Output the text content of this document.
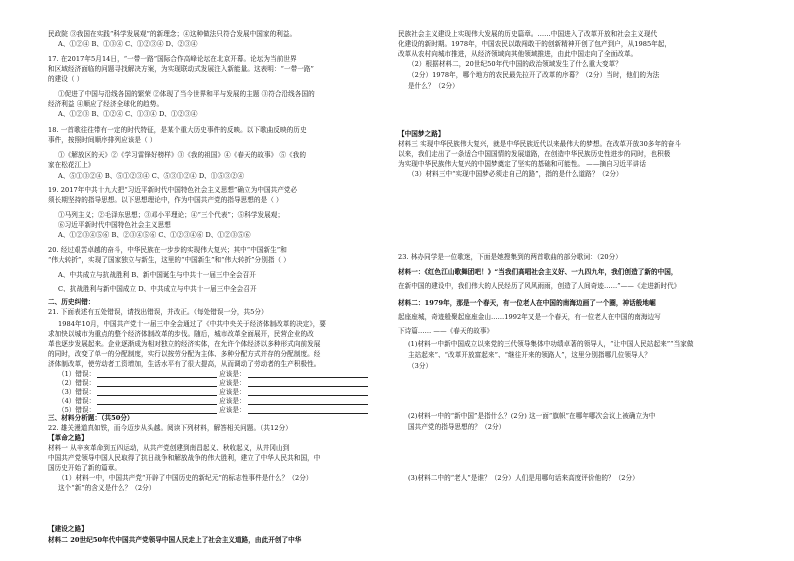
民政院 ③我国在实践“科学发展观”的新理念；④这种做法只符合发展中国家的利益。
A、①②④ B、①③④ C、①②③④ D、②③④
17. 在2017年5月14日，“一带一路”国际合作高峰论坛在北京开幕。论坛为当前世界
和区域经济面临的问题寻找解决方案，为实现联动式发展注入新能量。这表明：“一带一路”
的建设（ ）
①促进了中国与沿线各国的繁荣 ②体现了当今世界和平与发展的主题 ③符合沿线各国的
经济利益 ④顺应了经济全球化的趋势。
A、①②③ B、①②④ C、①③④ D、①②③④
18. 一首歌往往带有一定的时代特征，是某个重大历史事件的反映。以下歌曲反映的历史
事件，按照时间顺序排列应该是（ ）
①《解放区的天》②《学习雷锋好榜样》③《我的祖国》④《春天的故事》 ⑤《我的
家在松花江上》
A、⑤①③②④ B、⑤①②③④ C、⑤③①②④ D、①⑤③②④
19. 2017年中共十九大把“习近平新时代中国特色社会主义思想”确立为中国共产党必
须长期坚持的指导思想。以下思想理论中，作为中国共产党的指导思想的是（ ）
①马列主义；②毛泽东思想；③邓小平理论；④“三个代表”；⑤科学发展观；
⑥习近平新时代中国特色社会主义思想
A、①②③④⑤⑥ B、②③④⑤⑥ C、①②③④⑥ D、①②③⑤⑥
20. 经过艰苦卓越的奋斗，中华民族在一步步的实现伟大复兴；其中“中国新生”和
“伟大转折”，实现了国家独立与新生，这里的“中国新生”和“伟大转折”分别指（ ）
A、中共成立与抗战胜利 B、新中国诞生与中共十一届三中全会召开
C、抗战胜利与新中国成立 D、中共成立与中共十一届三中全会召开
二、历史纠错：
21. 下面表述有五处错误，请找出错误，并改正。（每处错误一分，共5分）
1984年10月，中国共产党十一届三中全会通过了《中共中央关于经济体制改革的决定》，要
求加快以城市为重点的整个经济体制改革的步伐。随后，城市改革全面展开，民营企业的改
革也逐步发展起来。企业逐渐成为相对独立的经济实体，在允许个体经济以多种形式向前发展
的同时，改变了单一的分配制度，实行以按劳分配为主体、多种分配方式并存的分配制度。经
济体制改革，使劳动者工资增加，生活水平有了很大提高，从而调动了劳动者的生产积极性。
三、材料分析题：（共50分）
22. 雄关漫道真如铁，而今迈步从头越。阅读下列材料，解答相关问题。（共12分）
【革命之路】
材料一 从辛亥革命到五四运动，从共产党创建到南昌起义、秋收起义，从井冈山到
中国共产党领导中国人民取得了抗日战争和解放战争的伟大胜利，建立了中华人民共和国，中
国历史开始了新的篇章。
（1）材料一中，中国共产党“开辟了中国历史的新纪元”的标志性事件是什么？（2分）
这个“新”的含义是什么？（2分）
【建设之路】
材料二 20世纪50年代中国共产党领导中国人民走上了社会主义道路，由此开创了中华
（1）错误：	应该是：
（2）错误：	应该是：
（3）错误：	应该是：
（4）错误：	应该是：
（5）错误：	应该是：
民族社会主义建设上实现伟大发展的历史篇章。……中国进入了改革开放和社会主义现代
化建设的新时期。1978年，中国农民以敢闯敢干的创新精神开创了包产到户，从1985年起，
改革从农村向城市推进，从经济领域向其他领域推进，由此中国走向了全面改革。
（2）根据材料二，20世纪50年代中国的政治领域发生了什么重大变革？
（2分）1978年，哪个地方的农民最先拉开了改革的序幕？（2分）当时，他们的为法
是什么？（2分）
【中国梦之路】
材料三 实现中华民族伟大复兴，就是中华民族近代以来最伟大的梦想。在改革开放30多年的奋斗
以来，我们走出了一条适合中国国情的发展道路，在创造中华民族历史性进步的同时，也积极
为实现中华民族伟大复兴的中国梦奠定了坚实的基础和可能性。 ——摘自习近平讲话
（3）材料三中“实现中国梦必须走自己的路”，指的是什么道路？（2分）
23. 林办同学是一位歌迷，下面是她搜集到的两首歌曲的部分歌词：（20分）
材料一：《红色江山歌舞团吧！》“当我们高唱社会主义好、一九四九年，我们创造了新的中国，
在新中国的建设中，我们伟大的人民经历了风风雨雨，创造了人间奇迹……”——《走进新时代》
材料二：1979年，那是一个春天，有一位老人在中国的南海边画了一个圈，神话般地崛
起座座城，奇迹般聚起座座金山……1992年又是一个春天，有一位老人在中国的南海边写
下诗篇…… ——《春天的故事》
(1)材料一中新中国成立以来党的三代领导集体中功绩卓著的领导人，“让中国人民站起来”“当家做
主站起来”、“改革开放富起来”、“继往开来的领路人”，这里分别指哪几位领导人？
（3分）
(2)材料一中的“新中国”是指什么？(2分) 这一面“旗帜”在哪年哪次会议上被确立为中
国共产党的指导思想的？（2分）
(3)材料二中的“老人”是谁？（2分）人们是用哪句话来高度评价他的？（2分）
